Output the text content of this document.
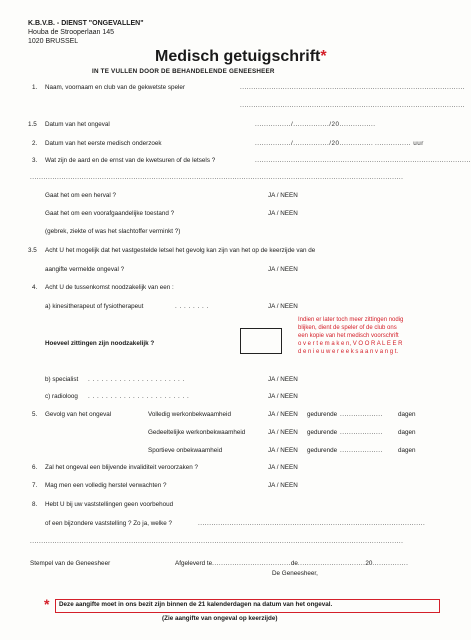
K.B.V.B. - DIENST "ONGEVALLEN"
Houba de Strooperlaan 145
1020 BRUSSEL
Medisch getuigschrift*
IN TE VULLEN DOOR DE BEHANDELENDE GENEESHEER
1. Naam, voornaam en club van de gekwetste speler	....................................................................................................
....................................................................................................
1.5 Datum van het ongeval	................/................/20................
2. Datum van het eerste medisch onderzoek	................/................/20............... ................ uur
3. Wat zijn de aard en de ernst van de kwetsuren of de letsels ?	................................................................................................
......................................................................................................................................................................
Gaat het om een herval ?	JA / NEEN
Gaat het om een voorafgaandelijke toestand ?	JA / NEEN
(gebrek, ziekte of was het slachtoffer verminkt ?)
3.5 Acht U het mogelijk dat het vastgestelde letsel het gevolg kan zijn van het op de keerzijde van de
aangifte vermelde ongeval ?	JA / NEEN
4. Acht U de tussenkomst noodzakelijk van een :
a) kinesitherapeut of fysiotherapeut	. . . . . . . .	JA / NEEN
Hoeveel zittingen zijn noodzakelijk ?
Indien er later toch meer zittingen nodig
blijken, dient de speler of de club ons
een kopie van het medisch voorschrift
o v e r t e m a k e n, V O O R A L E E R
d e n i e u w e r e e k s a a n v a n g t.
b) specialist . . . . . . . . . . . . . . . . . . . . . .	JA / NEEN
c) radioloog . . . . . . . . . . . . . . . . . . . . . . .	JA / NEEN
5. Gevolg van het ongeval	Volledig werkonbekwaamheid	JA / NEEN gedurende ................... dagen
Gedeeltelijke werkonbekwaamheid	JA / NEEN gedurende ................... dagen
Sportieve onbekwaamheid	JA / NEEN gedurende ................... dagen
6. Zal het ongeval een blijvende invaliditeit veroorzaken ?	JA / NEEN
7. Mag men een volledig herstel verwachten ?	JA / NEEN
8. Hebt U bij uw vaststellingen geen voorbehoud
of een bijzondere vaststelling ? Zo ja, welke ?	.....................................................................................................
......................................................................................................................................................................
Stempel van de Geneesheer	Afgeleverd te...................................de..............................20................
De Geneesheer,
* Deze aangifte moet in ons bezit zijn binnen de 21 kalenderdagen na datum van het ongeval.
(Zie aangifte van ongeval op keerzijde)
